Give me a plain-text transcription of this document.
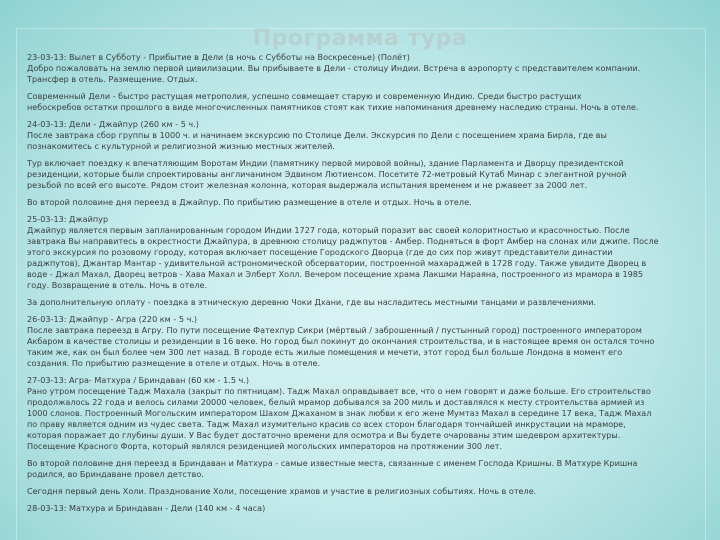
Программа тура
23-03-13: Вылет в Субботу - Прибытие в Дели (в ночь с Субботы на Воскресенье) (Полёт)
Добро пожаловать на землю первой цивилизации. Вы прибываете в Дели - столицу Индии. Встреча в аэропорту с представителем компании.
Трансфер в отель. Размещение. Отдых.
Современный Дели - быстро растущая метрополия, успешно совмещает старую и современную Индию. Среди быстро растущих
небоскребов остатки прошлого в виде многочисленных памятников стоят как тихие напоминания древнему наследию страны. Ночь в отеле.
24-03-13: Дели - Джайпур (260 км - 5 ч.)
После завтрака сбор группы в 1000 ч. и начинаем экскурсию по Столице Дели. Экскурсия по Дели с посещением храма Бирла, где вы
познакомитесь с культурной и религиозной жизнью местных жителей.
Тур включает поездку к впечатляющим Воротам Индии (памятнику первой мировой войны), здание Парламента и Дворцу президентской
резиденции, которые были спроектированы англичанином Эдвином Лютиенсом. Посетите 72-метровый Кутаб Минар с элегантной ручной
резьбой по всей его высоте. Рядом стоит железная колонна, которая выдержала испытания временем и не ржавеет за 2000 лет.
Во второй половине дня переезд в Джайпур. По прибытию размещение в отеле и отдых. Ночь в отеле.
25-03-13: Джайпур
Джайпур является первым запланированным городом Индии 1727 года, который поразит вас своей колоритностью и красочностью. После
завтрака Вы направитесь в окрестности Джайпура, в древнюю столицу раджпутов - Амбер. Подняться в форт Амбер на слонах или джипе. После
этого экскурсия по розовому городу, которая включает посещение Городского Дворца (где до сих пор живут представители династии
раджпутов), Джантар Мантар - удивительной астрономической обсерватории, построенной махараджей в 1728 году. Также увидите Дворец в
воде - Джал Махал, Дворец ветров - Хава Махал и Элберт Холл. Вечером посещение храма Лакшми Нараяна, построенного из мрамора в 1985
году. Возвращение в отель. Ночь в отеле.
За дополнительную оплату - поездка в этническую деревню Чоки Дхани, где вы насладитесь местными танцами и развлечениями.
26-03-13: Джайпур - Агра (220 км - 5 ч.)
После завтрака переезд в Агру. По пути посещение Фатехпур Сикри (мёртвый / заброшенный / пустынный город) построенного императором
Акбаром в качестве столицы и резиденции в 16 веке. Но город был покинут до окончания строительства, и в настоящее время он остался точно
таким же, как он был более чем 300 лет назад. В городе есть жилые помещения и мечети, этот город был больше Лондона в момент его
создания. По прибытию размещение в отеле и отдых. Ночь в отеле.
27-03-13: Агра- Матхура / Бриндаван (60 км - 1.5 ч.)
Рано утром посещение Тадж Махала (закрыт по пятницам). Тадж Махал оправдывает все, что о нем говорят и даже больше. Его строительство
продолжалось 22 года и велось силами 20000 человек, белый мрамор добывался за 200 миль и доставлялся к месту строительства армией из
1000 слонов. Построенный Могольским императором Шахом Джаханом в знак любви к его жене Мумтаз Махал в середине 17 века, Тадж Махал
по праву является одним из чудес света. Тадж Махал изумительно красив со всех сторон благодаря тончайшей инкрустации на мраморе,
которая поражает до глубины души. У Вас будет достаточно времени для осмотра и Вы будете очарованы этим шедевром архитектуры.
Посещение Красного Форта, который являлся резиденцией могольских императоров на протяжении 300 лет.
Во второй половине дня переезд в Бриндаван и Матхура - самые известные места, связанные с именем Господа Кришны. В Матхуре Кришна
родился, во Бриндаване провел детство.
Сегодня первый день Холи. Празднование Холи, посещение храмов и участие в религиозных событиях. Ночь в отеле.
28-03-13: Матхура и Бриндаван - Дели (140 км - 4 часа)
